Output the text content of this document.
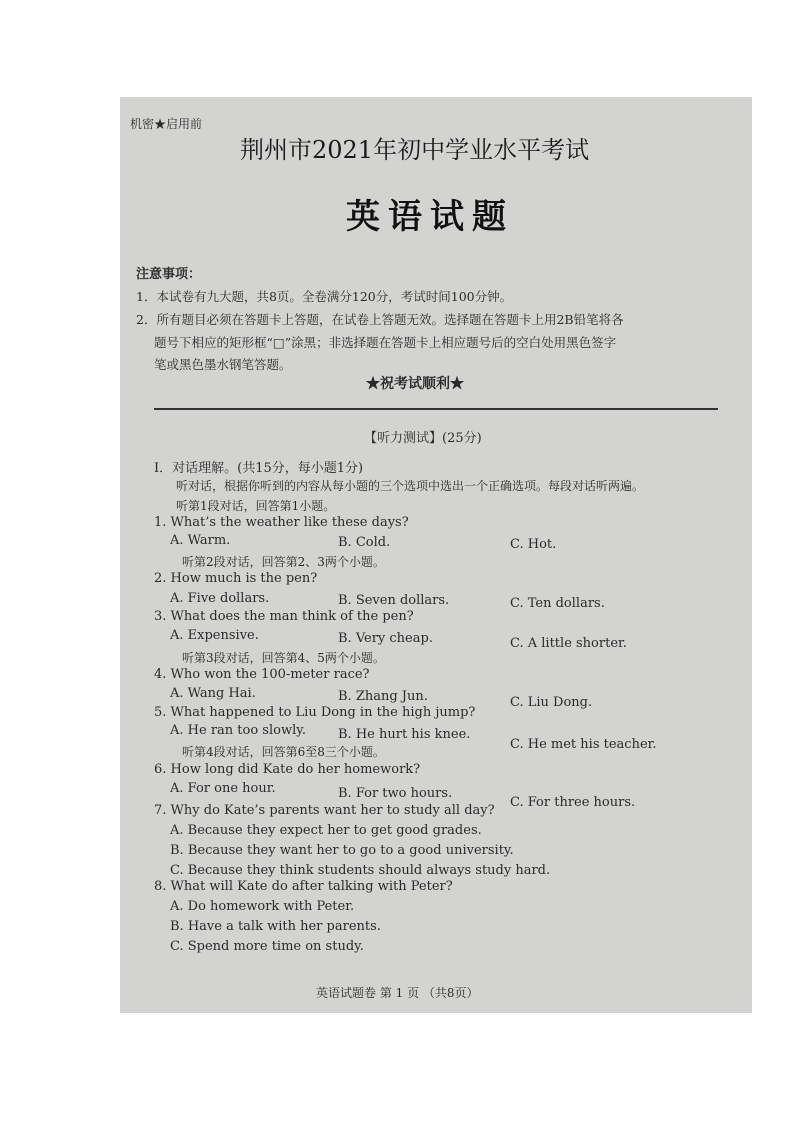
机密★启用前
荆州市2021年初中学业水平考试
英语试题
注意事项：
1．本试卷有九大题，共8页。全卷满分120分，考试时间100分钟。
2．所有题目必须在答题卡上答题，在试卷上答题无效。选择题在答题卡上用2B铅笔将各
题号下相应的矩形框“□”涂黑；非选择题在答题卡上相应题号后的空白处用黑色签字
笔或黑色墨水钢笔答题。
★祝考试顺利★
【听力测试】(25分)
Ⅰ．对话理解。(共15分，每小题1分)
听对话，根据你听到的内容从每小题的三个选项中选出一个正确选项。每段对话听两遍。
听第1段对话，回答第1小题。
1. What’s the weather like these days?
A. Warm.	B. Cold.	C. Hot.
听第2段对话，回答第2、3两个小题。
2. How much is the pen?
A. Five dollars.	B. Seven dollars.	C. Ten dollars.
3. What does the man think of the pen?
A. Expensive.	B. Very cheap.	C. A little shorter.
听第3段对话，回答第4、5两个小题。
4. Who won the 100-meter race?
A. Wang Hai.	B. Zhang Jun.	C. Liu Dong.
5. What happened to Liu Dong in the high jump?
A. He ran too slowly. B. He hurt his knee.
C. He met his teacher.
听第4段对话，回答第6至8三个小题。
6. How long did Kate do her homework?
A. For one hour.	B. For two hours.
C. For three hours.
7. Why do Kate’s parents want her to study all day?
A. Because they expect her to get good grades.
B. Because they want her to go to a good university.
C. Because they think students should always study hard.
8. What will Kate do after talking with Peter?
A. Do homework with Peter.
B. Have a talk with her parents.
C. Spend more time on study.
英语试题卷 第 1 页 （共8页）
